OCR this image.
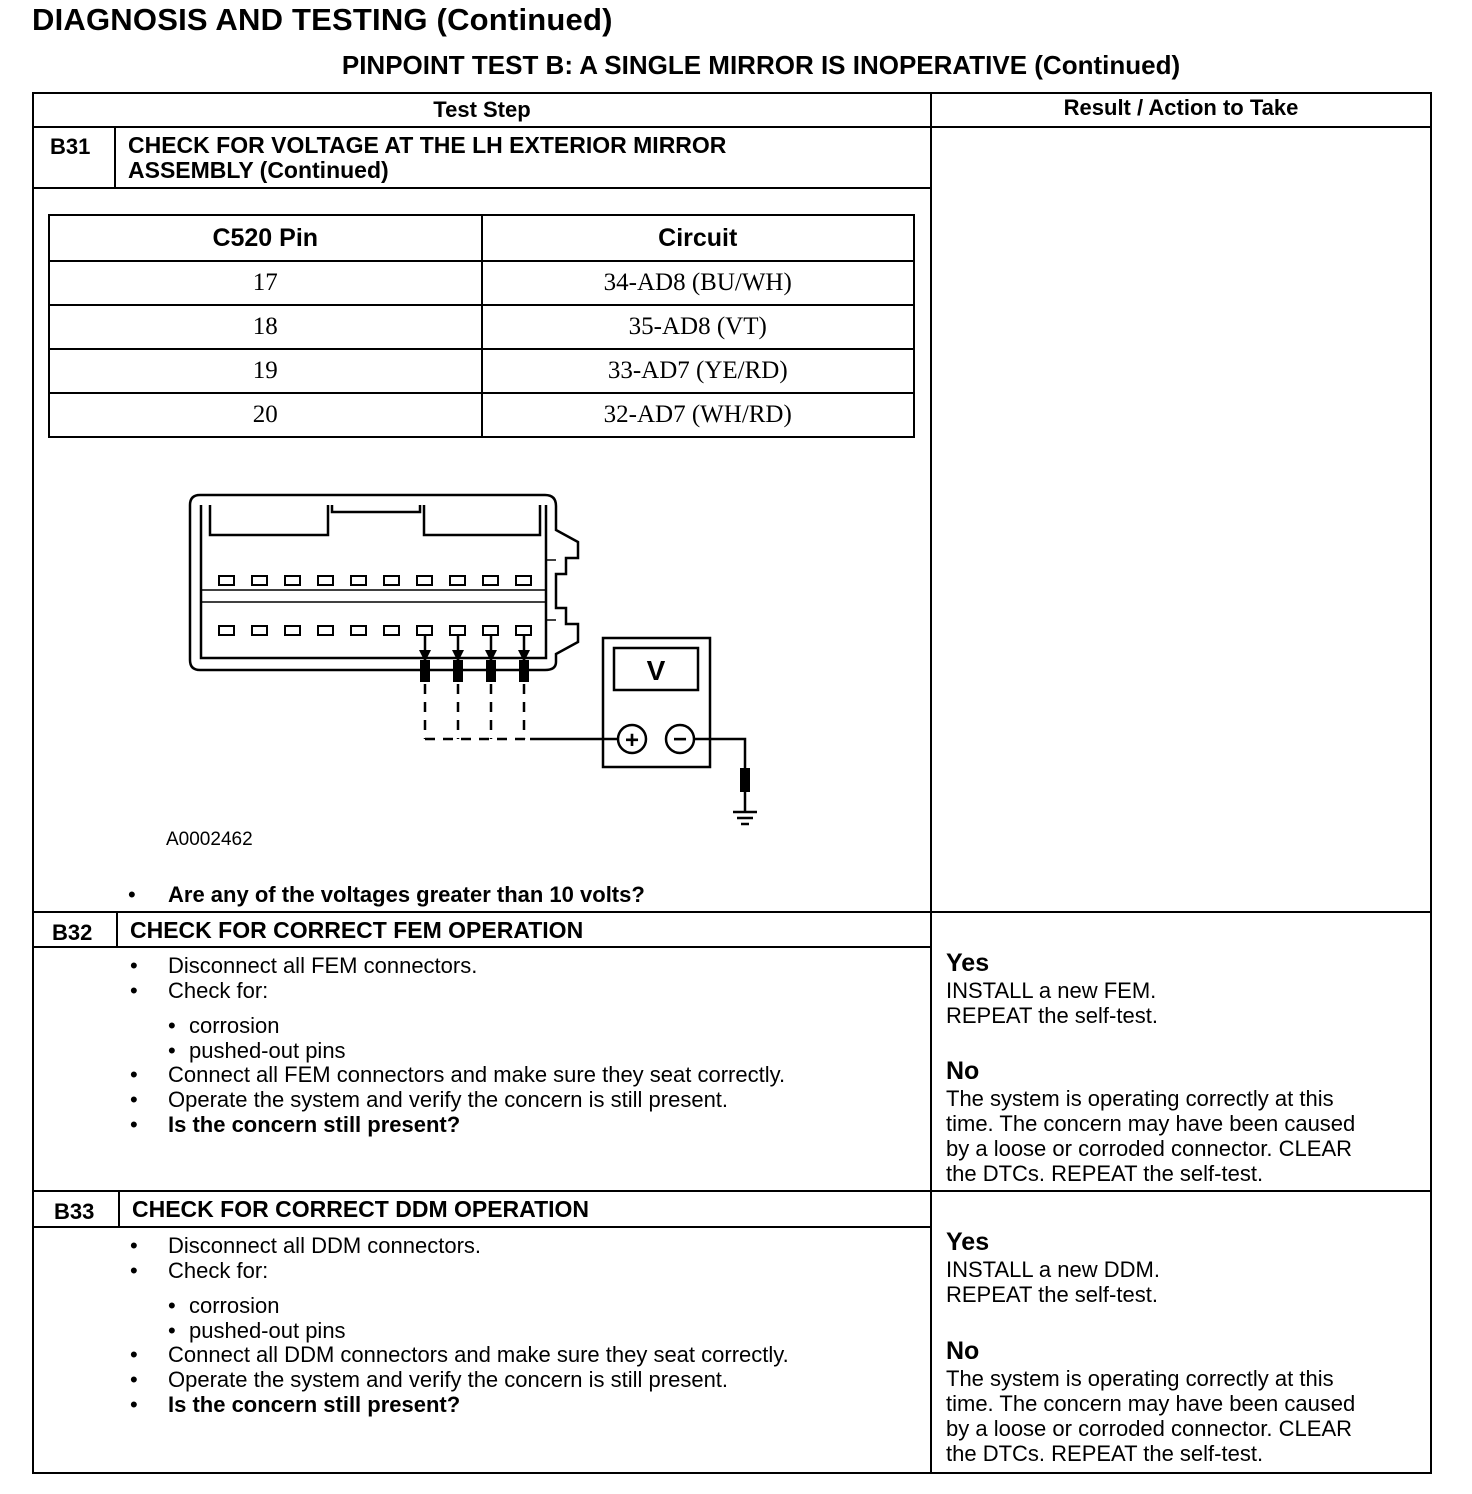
DIAGNOSIS AND TESTING (Continued)
PINPOINT TEST B: A SINGLE MIRROR IS INOPERATIVE (Continued)
Test Step	Result / Action to Take
B31 CHECK FOR VOLTAGE AT THE LH EXTERIOR MIRROR
ASSEMBLY (Continued)
C520 Pin	Circuit
17	34-AD8 (BU/WH)
18	35-AD8 (VT)
19	33-AD7 (YE/RD)
20	32-AD7 (WH/RD)
V
+ −
A0002462
• Are any of the voltages greater than 10 volts?
B32 CHECK FOR CORRECT FEM OPERATION
• Disconnect all FEM connectors.
• Check for:
• corrosion
• pushed-out pins
• Connect all FEM connectors and make sure they seat correctly.
• Operate the system and verify the concern is still present.
• Is the concern still present?
Yes
INSTALL a new FEM.
REPEAT the self-test.
No
The system is operating correctly at this
time. The concern may have been caused
by a loose or corroded connector. CLEAR
the DTCs. REPEAT the self-test.
B33 CHECK FOR CORRECT DDM OPERATION
• Disconnect all DDM connectors.
• Check for:
• corrosion
• pushed-out pins
• Connect all DDM connectors and make sure they seat correctly.
• Operate the system and verify the concern is still present.
• Is the concern still present?
Yes
INSTALL a new DDM.
REPEAT the self-test.
No
The system is operating correctly at this
time. The concern may have been caused
by a loose or corroded connector. CLEAR
the DTCs. REPEAT the self-test.
